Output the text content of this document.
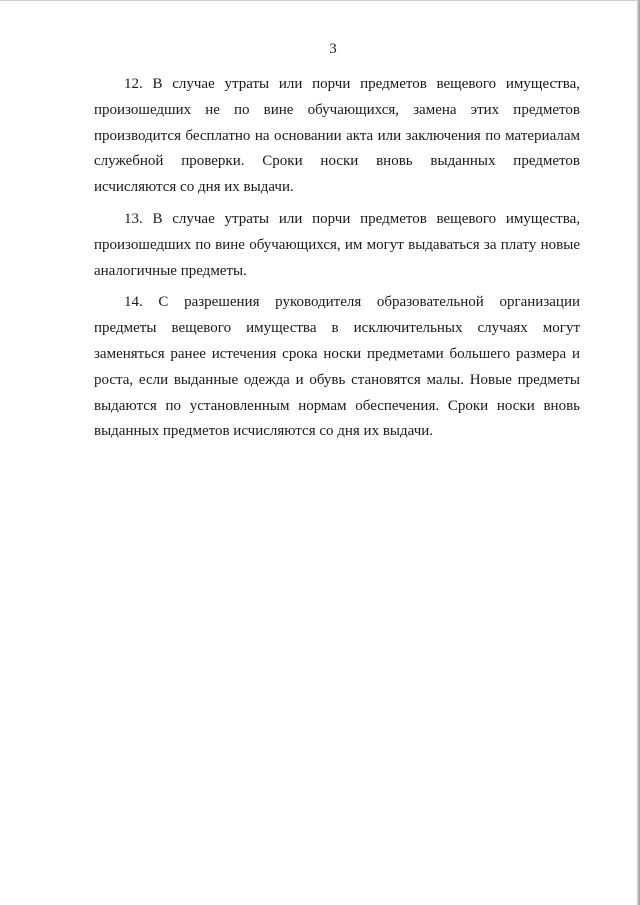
3

12. В случае утраты или порчи предметов вещевого имущества, произошедших не по вине обучающихся, замена этих предметов производится бесплатно на основании акта или заключения по материалам служебной проверки. Сроки носки вновь выданных предметов исчисляются со дня их выдачи.

13. В случае утраты или порчи предметов вещевого имущества, произошедших по вине обучающихся, им могут выдаваться за плату новые аналогичные предметы.

14. С разрешения руководителя образовательной организации предметы вещевого имущества в исключительных случаях могут заменяться ранее истечения срока носки предметами большего размера и роста, если выданные одежда и обувь становятся малы. Новые предметы выдаются по установленным нормам обеспечения. Сроки носки вновь выданных предметов исчисляются со дня их выдачи.
